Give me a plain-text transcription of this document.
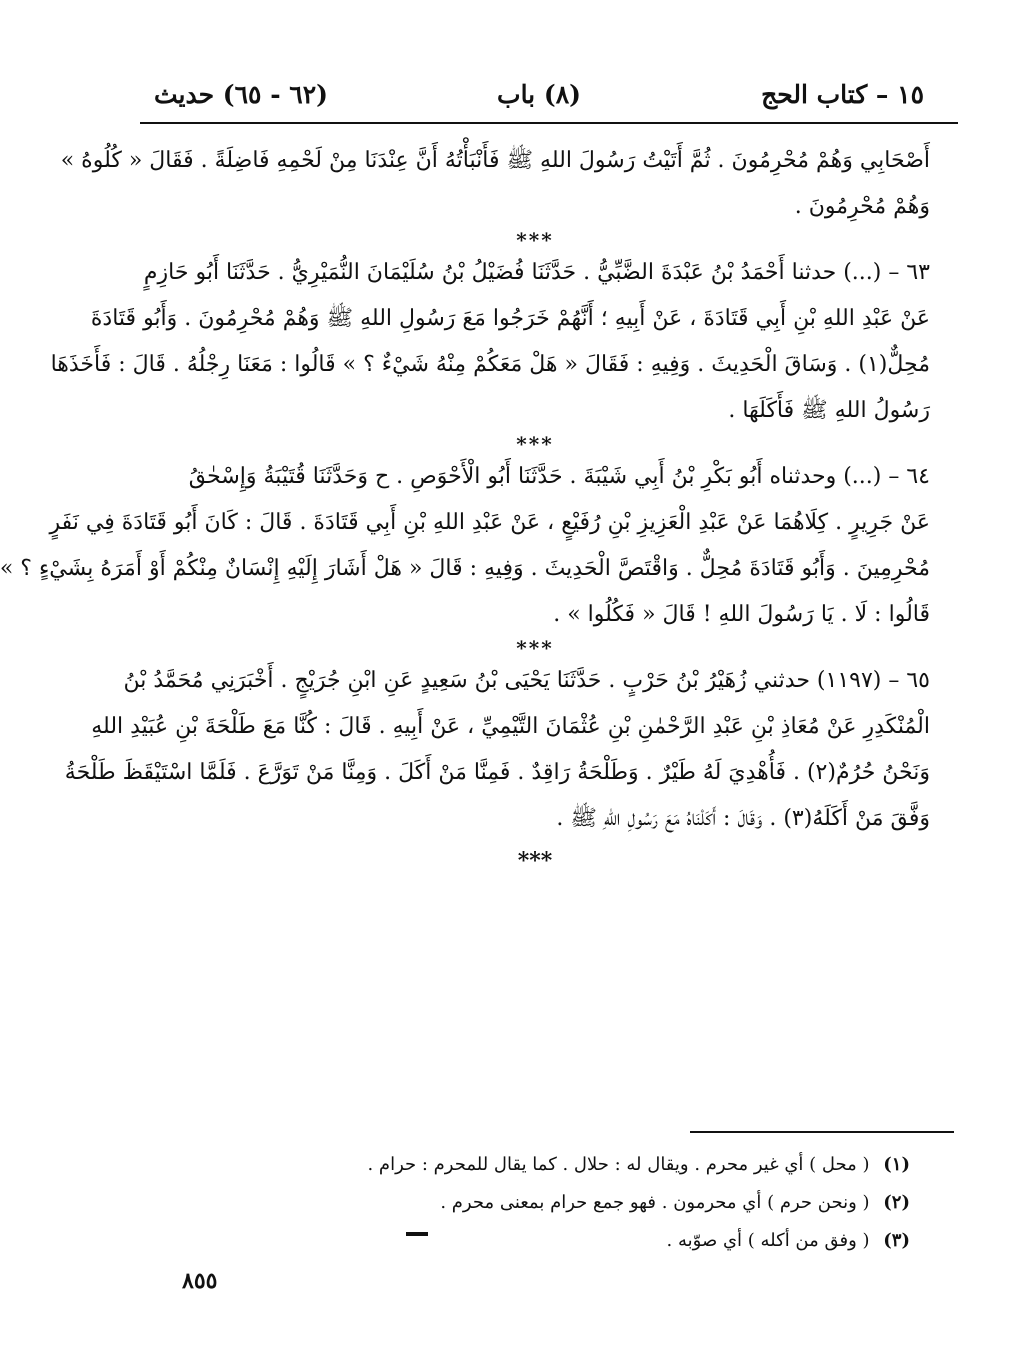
١٥ – كتاب الحج
(٨) باب
(٦٢ - ٦٥) حديث
أَصْحَابِي وَهُمْ مُحْرِمُونَ . ثُمَّ أَتَيْتُ رَسُولَ اللهِ ﷺ فَأَنْبَأْتُهُ أَنَّ عِنْدَنَا مِنْ لَحْمِهِ فَاضِلَةً . فَقَالَ « كُلُوهُ »
وَهُمْ مُحْرِمُونَ .
***
٦٣ – (...) حدثنا أَحْمَدُ بْنُ عَبْدَةَ الضَّبِّيُّ . حَدَّثَنَا فُضَيْلُ بْنُ سُلَيْمَانَ النُّمَيْرِيُّ . حَدَّثَنَا أَبُو حَازِمٍ
عَنْ عَبْدِ اللهِ بْنِ أَبِي قَتَادَةَ ، عَنْ أَبِيهِ ؛ أَنَّهُمْ خَرَجُوا مَعَ رَسُولِ اللهِ ﷺ وَهُمْ مُحْرِمُونَ . وَأَبُو قَتَادَةَ
مُحِلٌّ(١) . وَسَاقَ الْحَدِيثَ . وَفِيهِ : فَقَالَ « هَلْ مَعَكُمْ مِنْهُ شَيْءٌ ؟ » قَالُوا : مَعَنَا رِجْلُهُ . قَالَ : فَأَخَذَهَا
رَسُولُ اللهِ ﷺ فَأَكَلَهَا .
***
٦٤ – (...) وحدثناه أَبُو بَكْرِ بْنُ أَبِي شَيْبَةَ . حَدَّثَنَا أَبُو الْأَحْوَصِ . ح وَحَدَّثَنَا قُتَيْبَةُ وَإِسْحٰقُ
عَنْ جَرِيرٍ . كِلَاهُمَا عَنْ عَبْدِ الْعَزِيزِ بْنِ رُفَيْعٍ ، عَنْ عَبْدِ اللهِ بْنِ أَبِي قَتَادَةَ . قَالَ : كَانَ أَبُو قَتَادَةَ فِي نَفَرٍ
مُحْرِمِينَ . وَأَبُو قَتَادَةَ مُحِلٌّ . وَاقْتَصَّ الْحَدِيثَ . وَفِيهِ : قَالَ « هَلْ أَشَارَ إِلَيْهِ إِنْسَانٌ مِنْكُمْ أَوْ أَمَرَهُ بِشَيْءٍ ؟ »
قَالُوا : لَا . يَا رَسُولَ اللهِ ! قَالَ « فَكُلُوا » .
***
٦٥ – (١١٩٧) حدثني زُهَيْرُ بْنُ حَرْبٍ . حَدَّثَنَا يَحْيَى بْنُ سَعِيدٍ عَنِ ابْنِ جُرَيْجٍ . أَخْبَرَنِي مُحَمَّدُ بْنُ
الْمُنْكَدِرِ عَنْ مُعَاذِ بْنِ عَبْدِ الرَّحْمٰنِ بْنِ عُثْمَانَ التَّيْمِيِّ ، عَنْ أَبِيهِ . قَالَ : كُنَّا مَعَ طَلْحَةَ بْنِ عُبَيْدِ اللهِ
وَنَحْنُ حُرُمٌ(٢) . فَأُهْدِيَ لَهُ طَيْرٌ . وَطَلْحَةُ رَاقِدٌ . فَمِنَّا مَنْ أَكَلَ . وَمِنَّا مَنْ تَوَرَّعَ . فَلَمَّا اسْتَيْقَظَ طَلْحَةُ
وَفَّقَ مَنْ أَكَلَهُ(٣) . وَقَالَ : أَكَلْنَاهُ مَعَ رَسُولِ اللهِ ﷺ .
*‏*‏*
(١) ( محل ) أي غير محرم . ويقال له : حلال . كما يقال للمحرم : حرام .
(٢) ( ونحن حرم ) أي محرمون . فهو جمع حرام بمعنى محرم .
(٣) ( وفق من أكله ) أي صوّبه .
٨٥٥
